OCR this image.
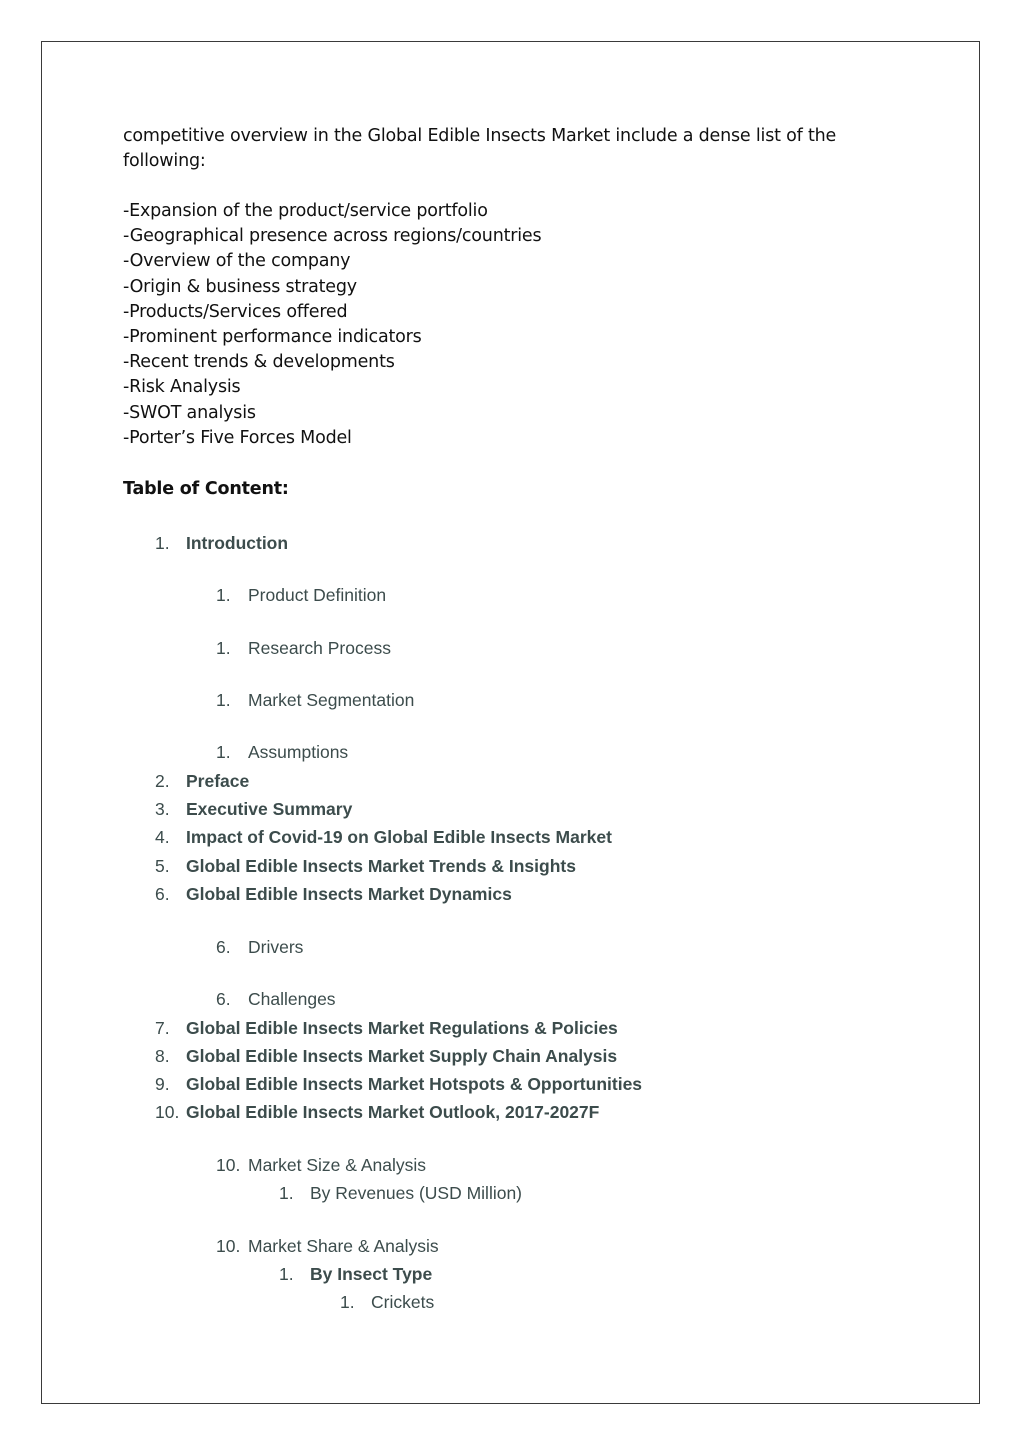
competitive overview in the Global Edible Insects Market include a dense list of the following:

-Expansion of the product/service portfolio
-Geographical presence across regions/countries
-Overview of the company
-Origin & business strategy
-Products/Services offered
-Prominent performance indicators
-Recent trends & developments
-Risk Analysis
-SWOT analysis
-Porter’s Five Forces Model

Table of Content:

1. Introduction
1. Product Definition
1. Research Process
1. Market Segmentation
1. Assumptions
2. Preface
3. Executive Summary
4. Impact of Covid-19 on Global Edible Insects Market
5. Global Edible Insects Market Trends & Insights
6. Global Edible Insects Market Dynamics
6. Drivers
6. Challenges
7. Global Edible Insects Market Regulations & Policies
8. Global Edible Insects Market Supply Chain Analysis
9. Global Edible Insects Market Hotspots & Opportunities
10. Global Edible Insects Market Outlook, 2017-2027F
10. Market Size & Analysis
1. By Revenues (USD Million)
10. Market Share & Analysis
1. By Insect Type
1. Crickets
